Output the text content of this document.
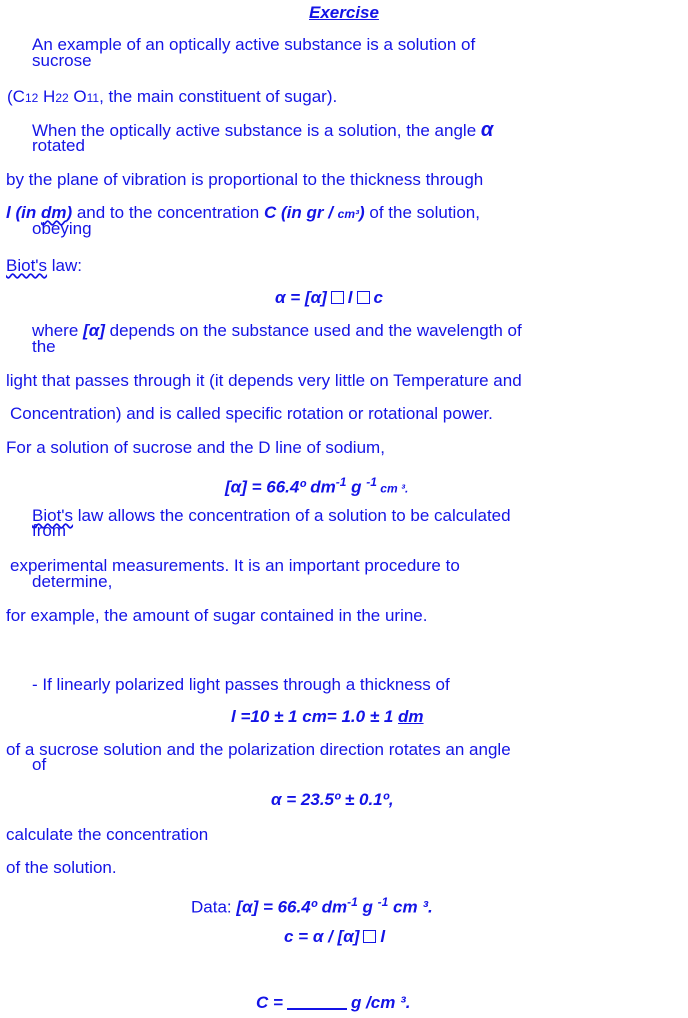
Exercise
An example of an optically active substance is a solution of
sucrose
(C12 H22 O11, the main constituent of sugar).
When the optically active substance is a solution, the angle α
rotated
by the plane of vibration is proportional to the thickness through
l (in dm) and to the concentration C (in gr / cm³) of the solution,
obeying
Biot's law:
α = [α] l c
where [α] depends on the substance used and the wavelength of
the
light that passes through it (it depends very little on Temperature and
Concentration) and is called specific rotation or rotational power.
For a solution of sucrose and the D line of sodium,
[α] = 66.4º $dm^{-1}$ g $^{-1}$ cm ³.
Biot's law allows the concentration of a solution to be calculated
from
experimental measurements. It is an important procedure to
determine,
for example, the amount of sugar contained in the urine.
- If linearly polarized light passes through a thickness of
l =10 ± 1 cm= 1.0 ± 1 dm
of a sucrose solution and the polarization direction rotates an angle
of
α = 23.5º ± 0.1º,
calculate the concentration
of the solution.
Data: [α] = 66.4º $dm^{-1}$ g $^{-1}$ cm ³.
c = α / [α] l
C =	g /cm ³.
